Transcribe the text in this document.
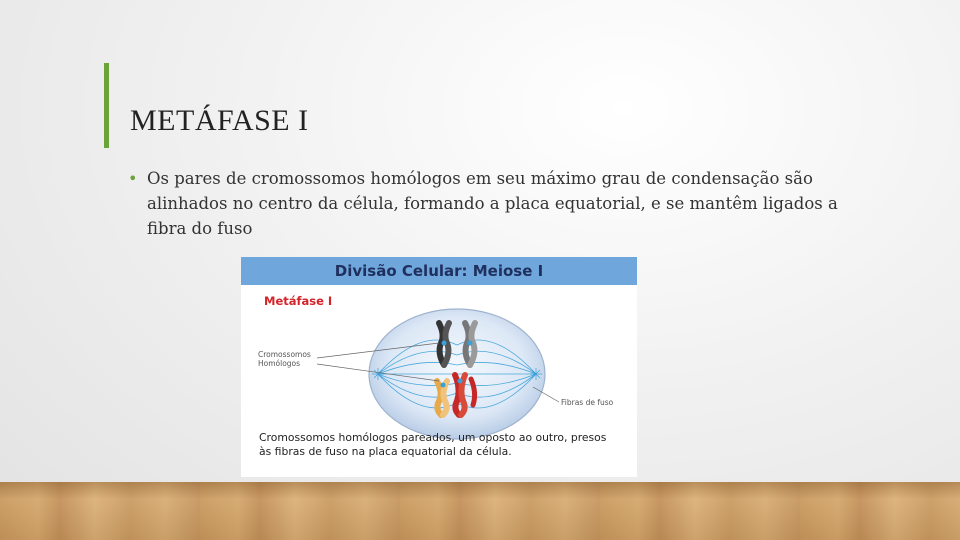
METÁFASE I
• Os pares de cromossomos homólogos em seu máximo grau de condensação são alinhados no centro da célula, formando a placa equatorial, e se mantêm ligados a fibra do fuso
Divisão Celular: Meiose I
Metáfase I
Cromossomos
Homólogos
Fibras de fuso
Cromossomos homólogos pareados, um oposto ao outro, presos às fibras de fuso na placa equatorial da célula.
